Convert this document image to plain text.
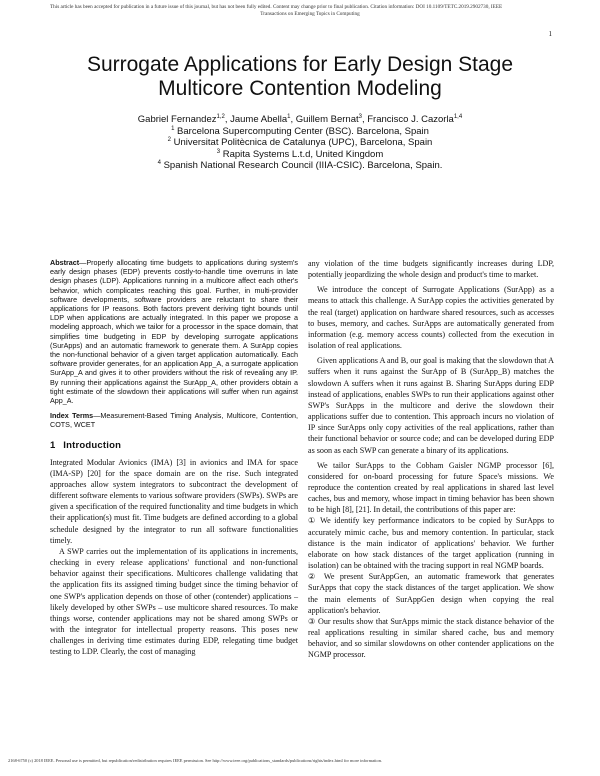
This article has been accepted for publication in a future issue of this journal, but has not been fully edited. Content may change prior to final publication. Citation information: DOI 10.1109/TETC.2019.2902730, IEEE
Transactions on Emerging Topics in Computing
1
Surrogate Applications for Early Design Stage
Multicore Contention Modeling
Gabriel Fernandez$^{1,2}$, Jaume Abella$^1$, Guillem Bernat$^3$, Francisco J. Cazorla$^{1,4}$
$^1$ Barcelona Supercomputing Center (BSC). Barcelona, Spain
$^2$ Universitat Politècnica de Catalunya (UPC), Barcelona, Spain
$^3$ Rapita Systems L.t.d, United Kingdom
$^4$ Spanish National Research Council (IIIA-CSIC). Barcelona, Spain.
Abstract—Properly allocating time budgets to applications during system's early design phases (EDP) prevents costly-to-handle time overruns in late design phases (LDP). Applications running in a multicore affect each other's behavior, which complicates reaching this goal. Further, in multi-provider software developments, software providers are reluctant to share their applications for IP reasons. Both factors prevent deriving tight bounds until LDP when applications are actually integrated. In this paper we propose a modeling approach, which we tailor for a processor in the space domain, that simplifies time budgeting in EDP by developing surrogate applications (SurApps) and an automatic framework to generate them. A SurApp copies the non-functional behavior of a given target application automatically. Each software provider generates, for an application App_A, a surrogate application SurApp_A and gives it to other providers without the risk of revealing any IP. By running their applications against the SurApp_A, other providers obtain a tight estimate of the slowdown their applications will suffer when run against App_A.
Index Terms—Measurement-Based Timing Analysis, Multicore, Contention, COTS, WCET
1 Introduction

Integrated Modular Avionics (IMA) [3] in avionics and IMA for space (IMA-SP) [20] for the space domain are on the rise. Such integrated approaches allow system integrators to subcontract the development of different software elements to various software providers (SWPs). SWPs are given a specification of the required functionality and time budgets in which their application(s) must fit. Time budgets are defined according to a global schedule designed by the integrator to run all software functionalities timely.

A SWP carries out the implementation of its applications in increments, checking in every release applications' functional and non-functional behavior against their specifications. Multicores challenge validating that the application fits its assigned timing budget since the timing behavior of one SWP's application depends on those of other (contender) applications – likely developed by other SWPs – use multicore shared resources. To make things worse, contender applications may not be shared among SWPs or with the integrator for intellectual property reasons. This poses new challenges in deriving time estimates during EDP, relegating time budget testing to LDP. Clearly, the cost of managing

any violation of the time budgets significantly increases during LDP, potentially jeopardizing the whole design and product's time to market.

We introduce the concept of Surrogate Applications (SurApp) as a means to attack this challenge. A SurApp copies the activities generated by the real (target) application on hardware shared resources, such as accesses to buses, memory, and caches. SurApps are automatically generated from information (e.g. memory access counts) collected from the execution in isolation of real applications.

Given applications A and B, our goal is making that the slowdown that A suffers when it runs against the SurApp of B (SurApp_B) matches the slowdown A suffers when it runs against B. Sharing SurApps during EDP instead of applications, enables SWPs to run their applications against other SWP's SurApps in the multicore and derive the slowdown their applications suffer due to contention. This approach incurs no violation of IP since SurApps only copy activities of the real applications, rather than their functional behavior or source code; and can be developed during EDP as soon as each SWP can generate a binary of its applications.

We tailor SurApps to the Cobham Gaisler NGMP processor [6], considered for on-board processing for future Space's missions. We reproduce the contention created by real applications in shared last level caches, bus and memory, whose impact in timing behavior has been shown to be high [8], [21]. In detail, the contributions of this paper are:

① We identify key performance indicators to be copied by SurApps to accurately mimic cache, bus and memory contention. In particular, stack distance is the main indicator of applications' behavior. We further elaborate on how stack distances of the target application (running in isolation) can be obtained with the tracing support in real NGMP boards.

② We present SurAppGen, an automatic framework that generates SurApps that copy the stack distances of the target application. We show the main elements of SurAppGen design when copying the real application's behavior.

③ Our results show that SurApps mimic the stack distance behavior of the real applications resulting in similar shared cache, bus and memory behavior, and so similar slowdowns on other contender applications on the NGMP processor.

2168-6750 (c) 2018 IEEE. Personal use is permitted, but republication/redistribution requires IEEE permission. See http://www.ieee.org/publications_standards/publications/rights/index.html for more information.
